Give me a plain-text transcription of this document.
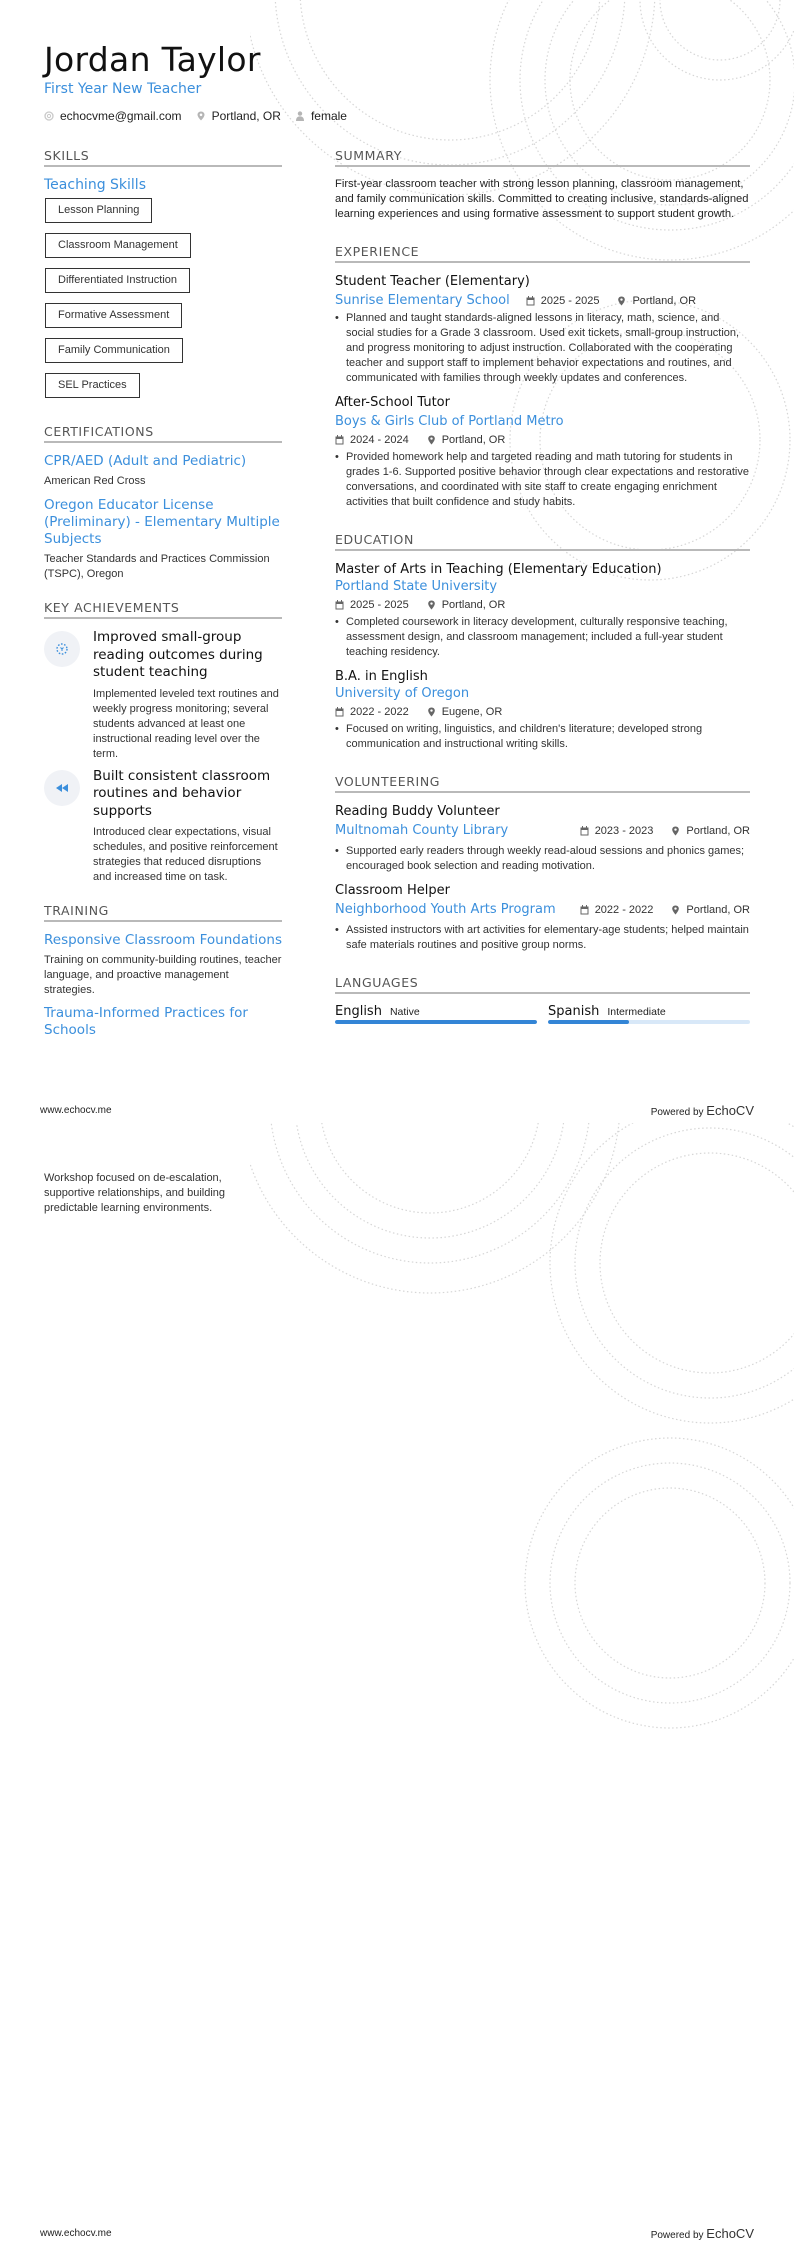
Jordan Taylor
First Year New Teacher
echocvme@gmail.com	Portland, OR	female
SKILLS
Teaching Skills
Lesson Planning
Classroom Management
Differentiated Instruction
Formative Assessment
Family Communication
SEL Practices
CERTIFICATIONS
CPR/AED (Adult and Pediatric)
American Red Cross
Oregon Educator License (Preliminary) - Elementary Multiple Subjects
Teacher Standards and Practices Commission (TSPC), Oregon
KEY ACHIEVEMENTS
Improved small-group reading outcomes during student teaching
Implemented leveled text routines and weekly progress monitoring; several students advanced at least one instructional reading level over the term.
Built consistent classroom routines and behavior supports
Introduced clear expectations, visual schedules, and positive reinforcement strategies that reduced disruptions and increased time on task.
TRAINING
Responsive Classroom Foundations
Training on community-building routines, teacher language, and proactive management strategies.
Trauma-Informed Practices for Schools
SUMMARY
First-year classroom teacher with strong lesson planning, classroom management, and family communication skills. Committed to creating inclusive, standards-aligned learning experiences and using formative assessment to support student growth.
EXPERIENCE
Student Teacher (Elementary)
Sunrise Elementary School	2025 - 2025	Portland, OR
• Planned and taught standards-aligned lessons in literacy, math, science, and social studies for a Grade 3 classroom. Used exit tickets, small-group instruction, and progress monitoring to adjust instruction. Collaborated with the cooperating teacher and support staff to implement behavior expectations and routines, and communicated with families through weekly updates and conferences.
After-School Tutor
Boys & Girls Club of Portland Metro
2024 - 2024	Portland, OR
• Provided homework help and targeted reading and math tutoring for students in grades 1-6. Supported positive behavior through clear expectations and restorative conversations, and coordinated with site staff to create engaging enrichment activities that built confidence and study habits.
EDUCATION
Master of Arts in Teaching (Elementary Education)
Portland State University
2025 - 2025	Portland, OR
• Completed coursework in literacy development, culturally responsive teaching, assessment design, and classroom management; included a full-year student teaching residency.
B.A. in English
University of Oregon
2022 - 2022	Eugene, OR
• Focused on writing, linguistics, and children's literature; developed strong communication and instructional writing skills.
VOLUNTEERING
Reading Buddy Volunteer
Multnomah County Library	2023 - 2023	Portland, OR
• Supported early readers through weekly read-aloud sessions and phonics games; encouraged book selection and reading motivation.
Classroom Helper
Neighborhood Youth Arts Program	2022 - 2022	Portland, OR
• Assisted instructors with art activities for elementary-age students; helped maintain safe materials routines and positive group norms.
LANGUAGES
English Native	Spanish Intermediate
www.echocv.me	Powered by EchoCV
Workshop focused on de-escalation, supportive relationships, and building predictable learning environments.
www.echocv.me	Powered by EchoCV
